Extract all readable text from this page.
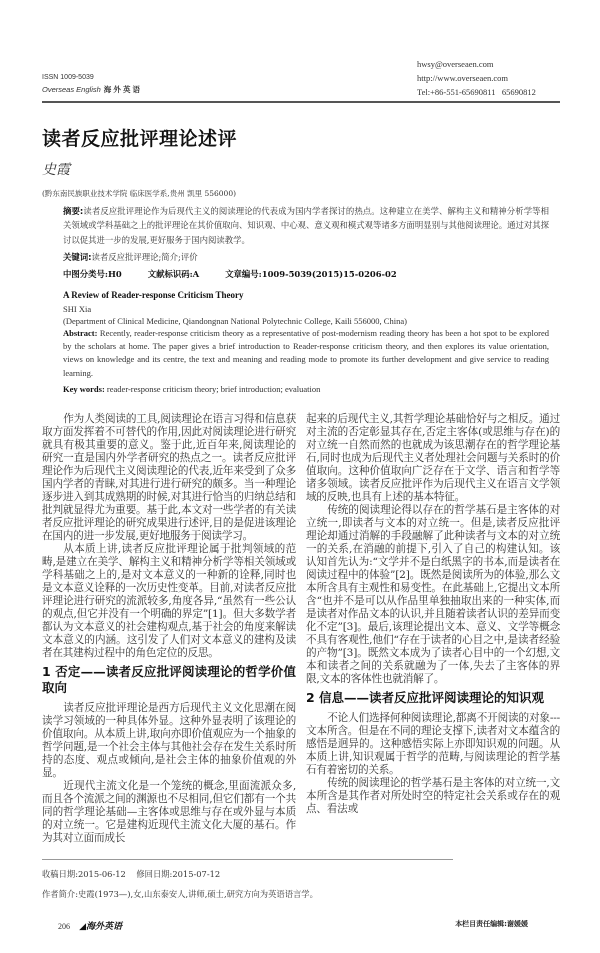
ISSN 1009-5039
Overseas English 海 外 英 语
hwsy@overseaen.com
http://www.overseaen.com
Tel:+86-551-65690811   65690812
读者反应批评理论述评
史霞
(黔东南民族职业技术学院 临床医学系,贵州 凯里 556000)
摘要:读者反应批评理论作为后现代主义的阅读理论的代表成为国内学者探讨的热点。这种建立在美学、解构主义和精神分析学等相关领域或学科基础之上的批评理论在其价值取向、知识观、中心观、意义观和模式观等诸多方面明显别与其他阅读理论。通过对其探讨以促其进一步的发展,更好服务于国内阅读教学。
关键词:读者反应批评理论;简介;评价
中图分类号:H0	文献标识码:A	文章编号:1009-5039(2015)15-0206-02
A Review of Reader-response Criticism Theory
SHI Xia
(Department of Clinical Medicine, Qiandongnan National Polytechnic College, Kaili 556000, China)
Abstract: Recently, reader-response criticism theory as a representative of post-modernism reading theory has been a hot spot to be explored by the scholars at home. The paper gives a brief introduction to Reader-response criticism theory, and then explores its value orientation, views on knowledge and its centre, the text and meaning and reading mode to promote its further development and give service to reading learning.
Key words: reader-response criticism theory; brief introduction; evaluation

作为人类阅读的工具,阅读理论在语言习得和信息获取方面发挥着不可替代的作用,因此对阅读理论进行研究就具有极其重要的意义。鉴于此,近百年来,阅读理论的研究一直是国内外学者研究的热点之一。读者反应批评理论作为后现代主义阅读理论的代表,近年来受到了众多国内学者的青睐,对其进行进行研究的颇多。当一种理论逐步进入到其成熟期的时候,对其进行恰当的归纳总结和批判就显得尤为重要。基于此,本文对一些学者的有关读者反应批评理论的研究成果进行述评,目的是促进该理论在国内的进一步发展,更好地服务于阅读学习。

从本质上讲,读者反应批评理论属于批判领域的范畴,是建立在美学、解构主义和精神分析学等相关领域或学科基础之上的,是对文本意义的一种新的诠释,同时也是文本意义诠释的一次历史性变革。目前,对读者反应批评理论进行研究的流派较多,角度各异,“虽然有一些公认的观点,但它并没有一个明确的界定”[1]。但大多数学者都认为文本意义的社会建构观点,基于社会的角度来解读文本意义的内涵。这引发了人们对文本意义的建构及读者在其建构过程中的角色定位的反思。

1 否定——读者反应批评阅读理论的哲学价值取向

读者反应批评理论是西方后现代主义文化思潮在阅读学习领域的一种具体外显。这种外显表明了该理论的价值取向。从本质上讲,取向亦即价值观应为一个抽象的哲学问题,是一个社会主体与其他社会存在发生关系时所持的态度、观点或倾向,是社会主体的抽象价值观的外显。

近现代主流文化是一个笼统的概念,里面流派众多,而且各个流派之间的渊源也不尽相同,但它们都有一个共同的哲学理论基础—主客体或思维与存在或外显与本质的对立统一。它是建构近现代主流文化大厦的基石。作为其对立面而成长

起来的后现代主义,其哲学理论基础恰好与之相反。通过对主流的否定彰显其存在,否定主客体(或思维与存在)的对立统一自然而然的也就成为该思潮存在的哲学理论基石,同时也成为后现代主义者处理社会问题与关系时的价值取向。这种价值取向广泛存在于文学、语言和哲学等诸多领域。读者反应批评作为后现代主义在语言文学领域的反映,也具有上述的基本特征。

传统的阅读理论得以存在的哲学基石是主客体的对立统一,即读者与文本的对立统一。但是,读者反应批评理论却通过消解的手段融解了此种读者与文本的对立统一的关系,在消融的前提下,引入了自己的构建认知。该认知首先认为:“文学并不是白纸黑字的书本,而是读者在阅读过程中的体验”[2]。既然是阅读所为的体验,那么文本所含具有主观性和易变性。在此基础上,它提出文本所含“也并不是可以从作品里单独抽取出来的一种实体,而是读者对作品文本的认识,并且随着读者认识的差异而变化不定”[3]。最后,该理论提出文本、意义、文学等概念不具有客观性,他们“存在于读者的心目之中,是读者经验的产物”[3]。既然文本成为了读者心目中的一个幻想,文本和读者之间的关系就融为了一体,失去了主客体的界限,文本的客体性也就消解了。

2 信息——读者反应批评阅读理论的知识观

不论人们选择何种阅读理论,都离不开阅读的对象---文本所含。但是在不同的理论支撑下,读者对文本蕴含的感悟是迥异的。这种感悟实际上亦即知识观的问题。从本质上讲,知识观属于哲学的范畴,与阅读理论的哲学基石有着密切的关系。

传统的阅读理论的哲学基石是主客体的对立统一,文本所含是其作者对所处时空的特定社会关系或存在的观点、看法或

收稿日期:2015-06-12    修回日期:2015-07-12
作者简介:史霞(1973—),女,山东泰安人,讲师,硕士,研究方向为英语语言学。
206 ◢海外英语	本栏目责任编辑:谢媛媛
